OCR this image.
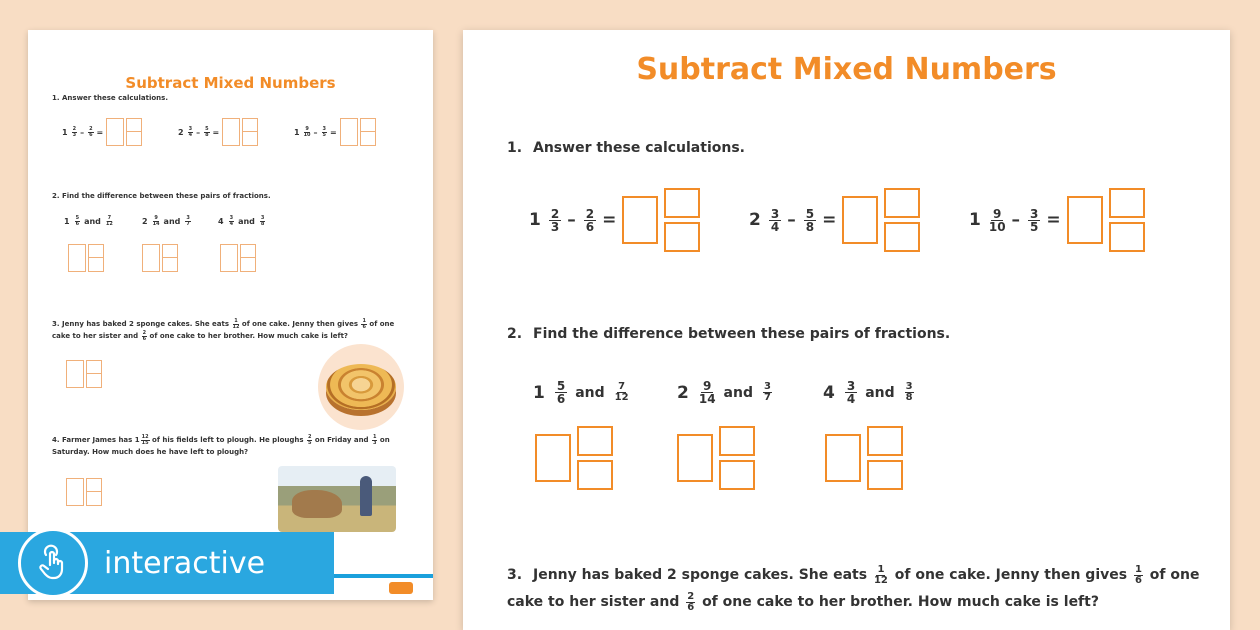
Subtract Mixed Numbers
1. Answer these calculations.
$1 \frac{2}{3} - \frac{2}{6}$ =	$2 \frac{3}{4} - \frac{5}{8}$ =	$1 \frac{9}{10} - \frac{3}{5}$ =
2. Find the difference between these pairs of fractions.
$1 \frac{5}{6}$ and $\frac{7}{12}$	$2 \frac{9}{14}$ and $\frac{3}{7}$	$4 \frac{3}{4}$ and $\frac{3}{8}$
3. Jenny has baked 2 sponge cakes. She eats $\frac{1}{12}$ of one cake. Jenny then gives $\frac{1}{6}$ of one cake to her sister and $\frac{2}{6}$ of one cake to her brother. How much cake is left?
4. Farmer James has $1 \frac{12}{15}$ of his fields left to plough. He ploughs $\frac{2}{5}$ on Friday and $\frac{1}{3}$ on Saturday. How much does he have left to plough?
interactive
Subtract Mixed Numbers
1. Answer these calculations.
$1 \frac{2}{3} - \frac{2}{6}$ =	$2 \frac{3}{4} - \frac{5}{8}$ =	$1 \frac{9}{10} - \frac{3}{5}$ =
2. Find the difference between these pairs of fractions.
$1 \frac{5}{6}$ and $\frac{7}{12}$	$2 \frac{9}{14}$ and $\frac{3}{7}$	$4 \frac{3}{4}$ and $\frac{3}{8}$
3. Jenny has baked 2 sponge cakes. She eats $\frac{1}{12}$ of one cake. Jenny then gives $\frac{1}{6}$ of one cake to her sister and $\frac{2}{6}$ of one cake to her brother. How much cake is left?
